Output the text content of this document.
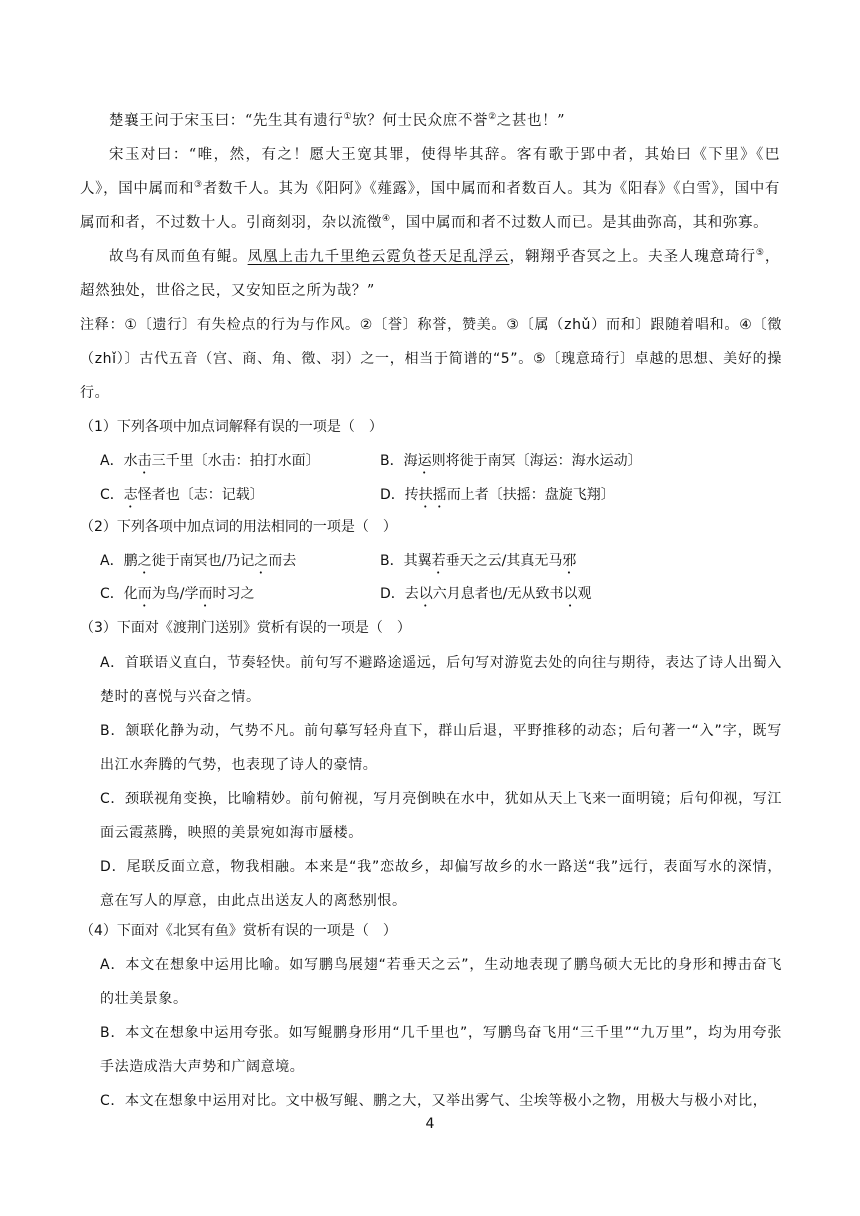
楚襄王问于宋玉曰：“先生其有遗行①欤？何士民众庶不誉②之甚也！”

宋玉对曰：“唯，然，有之！愿大王宽其罪，使得毕其辞。客有歌于郢中者，其始曰《下里》《巴人》，国中属而和③者数千人。其为《阳阿》《薤露》，国中属而和者数百人。其为《阳春》《白雪》，国中有属而和者，不过数十人。引商刻羽，杂以流徵④，国中属而和者不过数人而已。是其曲弥高，其和弥寡。

故鸟有凤而鱼有鲲。凤凰上击九千里绝云霓负苍天足乱浮云，翱翔乎杳冥之上。夫圣人瑰意琦行⑤，超然独处，世俗之民，又安知臣之所为哉？”

注释：①〔遗行〕有失检点的行为与作风。②〔誉〕称誉，赞美。③〔属（zhǔ）而和〕跟随着唱和。④〔徵（zhǐ）〕古代五音（宫、商、角、徵、羽）之一，相当于简谱的“5”。⑤〔瑰意琦行〕卓越的思想、美好的操行。

（1）下列各项中加点词解释有误的一项是（　）

A．水击三千里〔水击：拍打水面〕	B．海运则将徙于南冥〔海运：海水运动〕

C．志怪者也〔志：记载〕	D．抟扶摇而上者〔扶摇：盘旋飞翔〕

（2）下列各项中加点词的用法相同的一项是（　）

A．鹏之徙于南冥也/乃记之而去	B．其翼若垂天之云/其真无马邪

C．化而为鸟/学而时习之	D．去以六月息者也/无从致书以观

（3）下面对《渡荆门送别》赏析有误的一项是（　）

A．首联语义直白，节奏轻快。前句写不避路途遥远，后句写对游览去处的向往与期待，表达了诗人出蜀入楚时的喜悦与兴奋之情。

B．颔联化静为动，气势不凡。前句摹写轻舟直下，群山后退，平野推移的动态；后句著一“入”字，既写出江水奔腾的气势，也表现了诗人的豪情。

C．颈联视角变换，比喻精妙。前句俯视，写月亮倒映在水中，犹如从天上飞来一面明镜；后句仰视，写江面云霞蒸腾，映照的美景宛如海市蜃楼。

D．尾联反面立意，物我相融。本来是“我”恋故乡，却偏写故乡的水一路送“我”远行，表面写水的深情，意在写人的厚意，由此点出送友人的离愁别恨。

（4）下面对《北冥有鱼》赏析有误的一项是（　）

A．本文在想象中运用比喻。如写鹏鸟展翅“若垂天之云”，生动地表现了鹏鸟硕大无比的身形和搏击奋飞的壮美景象。

B．本文在想象中运用夸张。如写鲲鹏身形用“几千里也”，写鹏鸟奋飞用“三千里”“九万里”，均为用夸张手法造成浩大声势和广阔意境。

C．本文在想象中运用对比。文中极写鲲、鹏之大，又举出雾气、尘埃等极小之物，用极大与极小对比，

4
